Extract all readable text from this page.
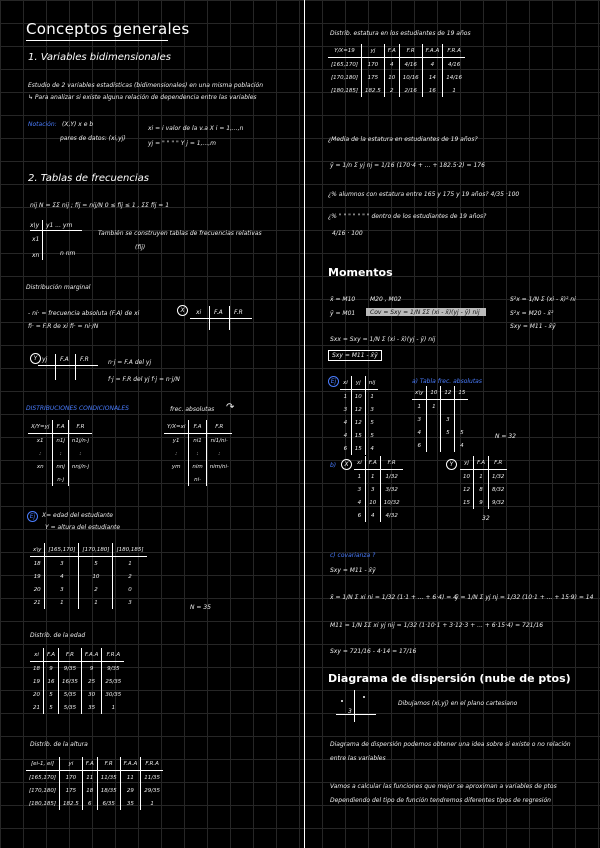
Conceptos generales
1. Variables bidimensionales
Estudio de 2 variables estadísticas (bidimensionales) en una misma población
↳ Para analizar si existe alguna relación de dependencia entre las variables
Notación: (X,Y) x e b
pares de datos: (xi,yj)
xi = i valor de la v.a X i = 1,...,n
yj = " " " " Y j = 1,...,m
2. Tablas de frecuencias
nij N = ΣΣ nij ; fij = nij/N 0 ≤ fij ≤ 1 , ΣΣ fij = 1
x\y y1 ... ym
x1
xn	n nm
También se construyen tablas de frecuencias relativas
(fij)
Distribución marginal
- ni· = frecuencia absoluta (F.A) de xi
fi· = F.R de xi fi· = ni·/N
X	xi F.A F.R
Y yj F.A F.R	n·j = F.A del yj
f·j = F.R del yj f·j = n·j/N
DISTRIBUCIONES CONDICIONALES	frec. absolutas ↷
X/Y=yj	F.A	F.R
x1	n1j	n1j/n·j
:	:	:
xn	nnj	nnj/n·j
	n·j	
Y/X=xi	F.A	F.R
y1	ni1	ni1/ni·
:	:	:
ym	nim	nim/ni·
	ni·	
Ej	X= edad del estudiante
Y = altura del estudiante
x\y	[165,170]	[170,180]	[180,185]
18	3	5	1
19	4	10	2
20	3	2	0
21	1	1	3
N = 35
Distrib. de la edad
xi	F.A	F.R	F.A.A	F.R.A
18	9	9/35	9	9/35
19	16	16/35	25	25/35
20	5	5/35	30	30/35
21	5	5/35	35	1
Distrib. de la altura
[ei-1, ei]	yi	F.A	F.R	F.A.A	F.R.A
[165,170]	170	11	11/35	11	11/35
[170,180]	175	18	18/35	29	29/35
[180,185]	182.5	6	6/35	35	1
Distrib. estatura en los estudiantes de 19 años
Y/X=19	yj	F.A	F.R	F.A.A	F.R.A
[165,170]	170	4	4/16	4	4/16
[170,180]	175	10	10/16	14	14/16
[180,185]	182.5	2	2/16	16	1
¿Media de la estatura en estudiantes de 19 años?
ȳ = 1/n Σ yj nj = 1/16 (170·4 + ... + 182.5·2) = 176
¿% alumnos con estatura entre 165 y 175 y 19 años? 4/35 ·100
¿% " " " " " " " dentro de los estudiantes de 19 años?
4/16 · 100
Momentos
x̄ = M10
ȳ = M01
M20 , M02
Cov = Sxy = 1/N ΣΣ (xi - x̄)(yj - ȳ) nij
S²x = 1/N Σ (xi - x̄)² ni
S²x = M20 - x̄²
Sxy = M11 - x̄ȳ
Sxx = Sxy = 1/N Σ (xi - x̄)(yj - ȳ) nij
Sxy = M11 - x̄ȳ
Ej	xi	yj	nij
1	10	1
3	12	3
4	12	5
4	15	5
6	15	4
a) Tabla frec. absolutas
x\y	10	12	15
1	1		
3		3	
4		5	5
6			4
N = 32
b)	X	xi	F.A	F.R
1	1	1/32
3	3	3/32
4	10	10/32
6	4	4/32
Y	yj	F.A	F.R
10	1	1/32
12	8	8/32
15	9	9/32
32
c) covarianza ?
Sxy = M11 - x̄ȳ
x̄ = 1/N Σ xi ni = 1/32 (1·1 + ... + 6·4) = 4
ȳ = 1/N Σ yj nj = 1/32 (10·1 + ... + 15·9) = 14
M11 = 1/N ΣΣ xi yj nij = 1/32 (1·10·1 + 3·12·3 + ... + 6·15·4) = 721/16
Sxy = 721/16 - 4·14 = 17/16
Diagrama de dispersión (nube de ptos)
3
Dibujamos (xi,yj) en el plano cartesiano
Diagrama de dispersión podemos obtener una idea sobre si existe o no relación
entre las variables
Vamos a calcular las funciones que mejor se aproximan a variables de ptos
Dependiendo del tipo de función tendremos diferentes tipos de regresión
